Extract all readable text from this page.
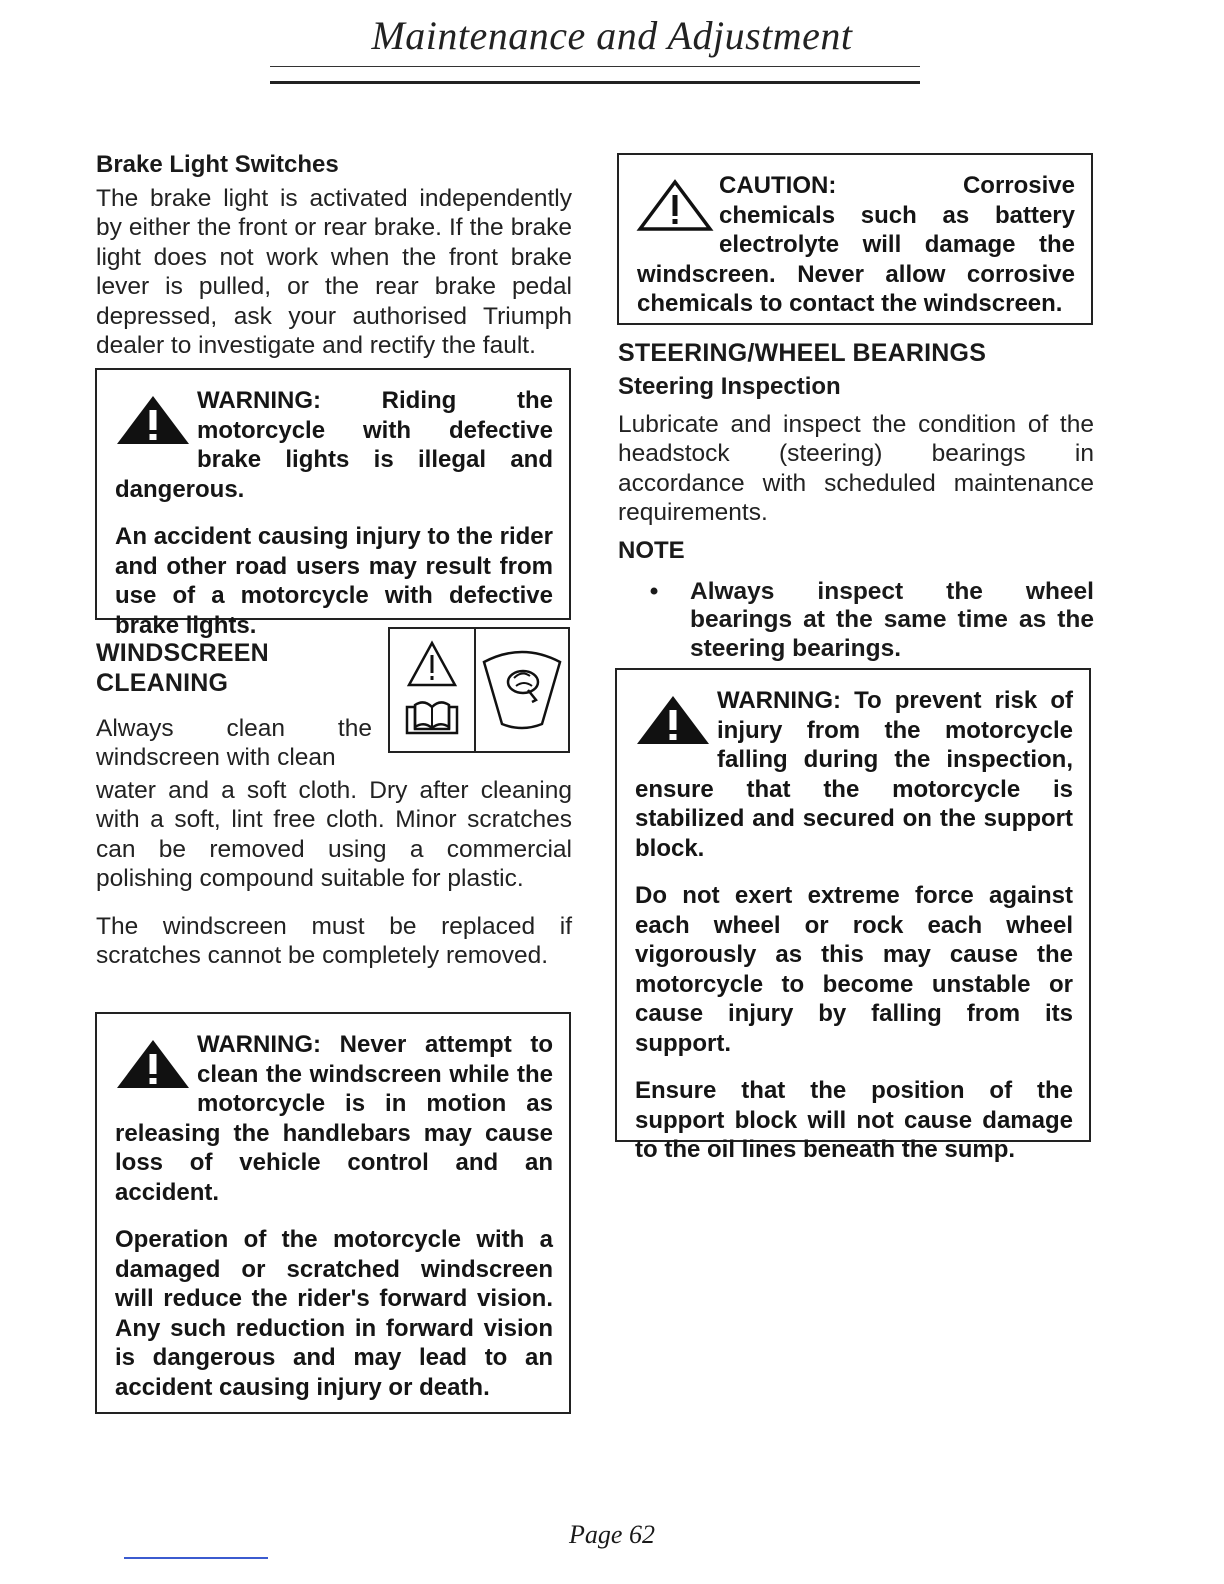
Maintenance and Adjustment
Brake Light Switches

The brake light is activated independently by either the front or rear brake. If the brake light does not work when the front brake lever is pulled, or the rear brake pedal depressed, ask your authorised Triumph dealer to investigate and rectify the fault.

WARNING: Riding the motorcycle with defective brake lights is illegal and dangerous.

An accident causing injury to the rider and other road users may result from use of a motorcycle with defective brake lights.

WINDSCREEN
CLEANING

Always clean the windscreen with clean

water and a soft cloth. Dry after cleaning with a soft, lint free cloth. Minor scratches can be removed using a commercial polishing compound suitable for plastic.

The windscreen must be replaced if scratches cannot be completely removed.

WARNING: Never attempt to clean the windscreen while the motorcycle is in motion as releasing the handlebars may cause loss of vehicle control and an accident.

Operation of the motorcycle with a damaged or scratched windscreen will reduce the rider's forward vision. Any such reduction in forward vision is dangerous and may lead to an accident causing injury or death.

CAUTION: Corrosive chemicals such as battery electrolyte will damage the windscreen. Never allow corrosive chemicals to contact the windscreen.

STEERING/WHEEL BEARINGS
Steering Inspection

Lubricate and inspect the condition of the headstock (steering) bearings in accordance with scheduled maintenance requirements.

NOTE
•	Always inspect the wheel bearings at the same time as the steering bearings.

WARNING: To prevent risk of injury from the motorcycle falling during the inspection, ensure that the motorcycle is stabilized and secured on the support block.

Do not exert extreme force against each wheel or rock each wheel vigorously as this may cause the motorcycle to become unstable or cause injury by falling from its support.

Ensure that the position of the support block will not cause damage to the oil lines beneath the sump.

Page 62
